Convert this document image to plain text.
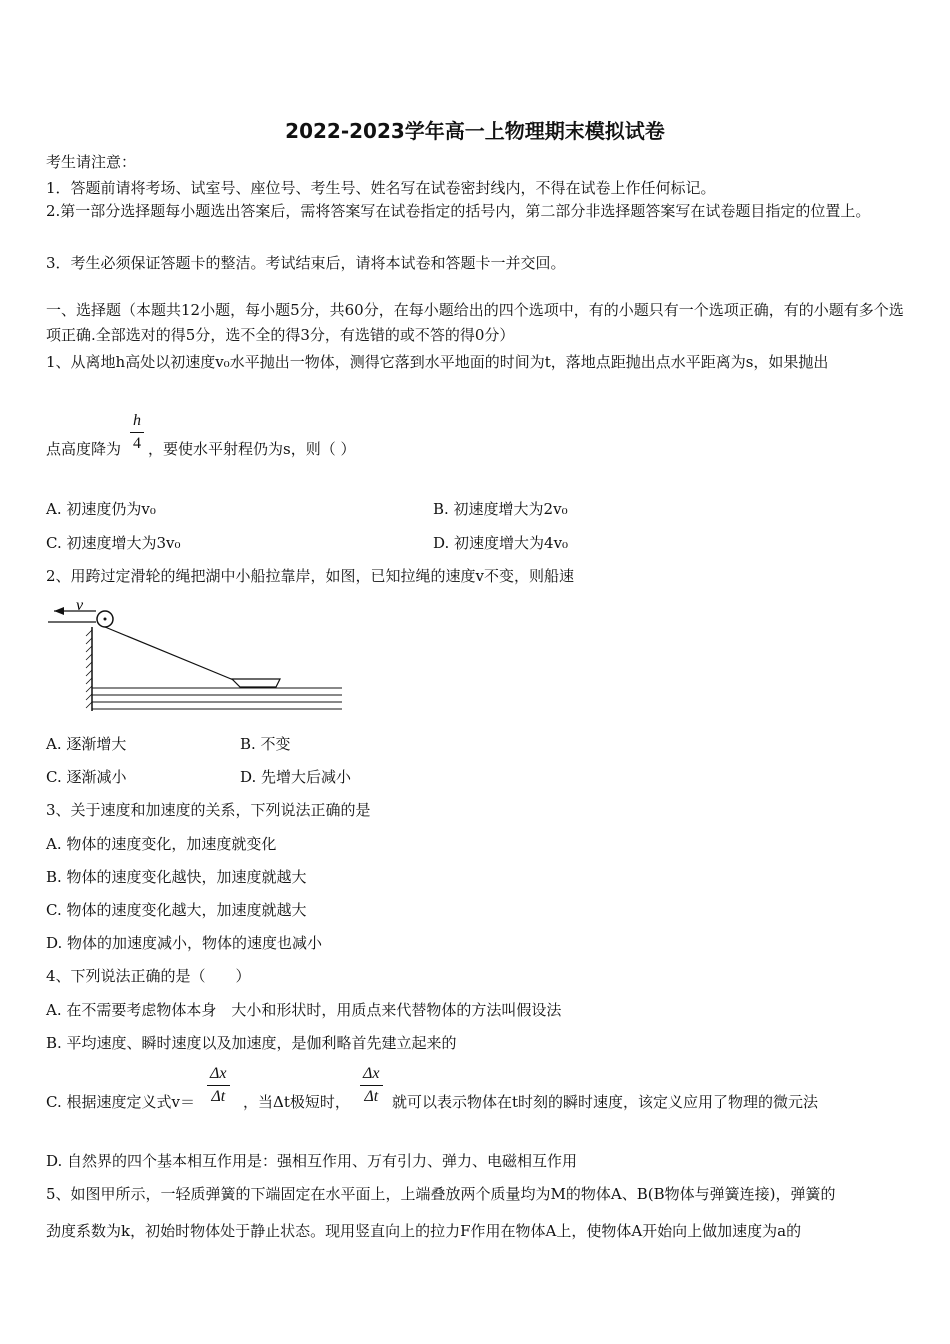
2022-2023学年高一上物理期末模拟试卷
考生请注意：
1．答题前请将考场、试室号、座位号、考生号、姓名写在试卷密封线内，不得在试卷上作任何标记。
2.第一部分选择题每小题选出答案后，需将答案写在试卷指定的括号内，第二部分非选择题答案写在试卷题目指定的位置上。
3．考生必须保证答题卡的整洁。考试结束后，请将本试卷和答题卡一并交回。
一、选择题（本题共12小题，每小题5分，共60分，在每小题给出的四个选项中，有的小题只有一个选项正确，有的小题有多个选项正确.全部选对的得5分，选不全的得3分，有选错的或不答的得0分）
1、从离地h高处以初速度v₀水平抛出一物体，测得它落到水平地面的时间为t，落地点距抛出点水平距离为s，如果抛出
点高度降为 $\frac{h}{4}$ ，要使水平射程仍为s，则（ ）
A. 初速度仍为v₀	B. 初速度增大为2v₀
C. 初速度增大为3v₀	D. 初速度增大为4v₀
2、用跨过定滑轮的绳把湖中小船拉靠岸，如图，已知拉绳的速度v不变，则船速
v
A. 逐渐增大	B. 不变
C. 逐渐减小	D. 先增大后减小
3、关于速度和加速度的关系，下列说法正确的是
A. 物体的速度变化，加速度就变化
B. 物体的速度变化越快，加速度就越大
C. 物体的速度变化越大，加速度就越大
D. 物体的加速度减小，物体的速度也减小
4、下列说法正确的是（　　）
A. 在不需要考虑物体本身　大小和形状时，用质点来代替物体的方法叫假设法
B. 平均速度、瞬时速度以及加速度，是伽利略首先建立起来的
C. 根据速度定义式$v= \frac{\Delta x}{\Delta t}$ ，当Δt极短时， $\frac{\Delta x}{\Delta t}$ 就可以表示物体在t时刻的瞬时速度，该定义应用了物理的微元法
D. 自然界的四个基本相互作用是：强相互作用、万有引力、弹力、电磁相互作用
5、如图甲所示，一轻质弹簧的下端固定在水平面上，上端叠放两个质量均为M的物体A、B(B物体与弹簧连接)，弹簧的
劲度系数为k，初始时物体处于静止状态。现用竖直向上的拉力F作用在物体A上，使物体A开始向上做加速度为a的
